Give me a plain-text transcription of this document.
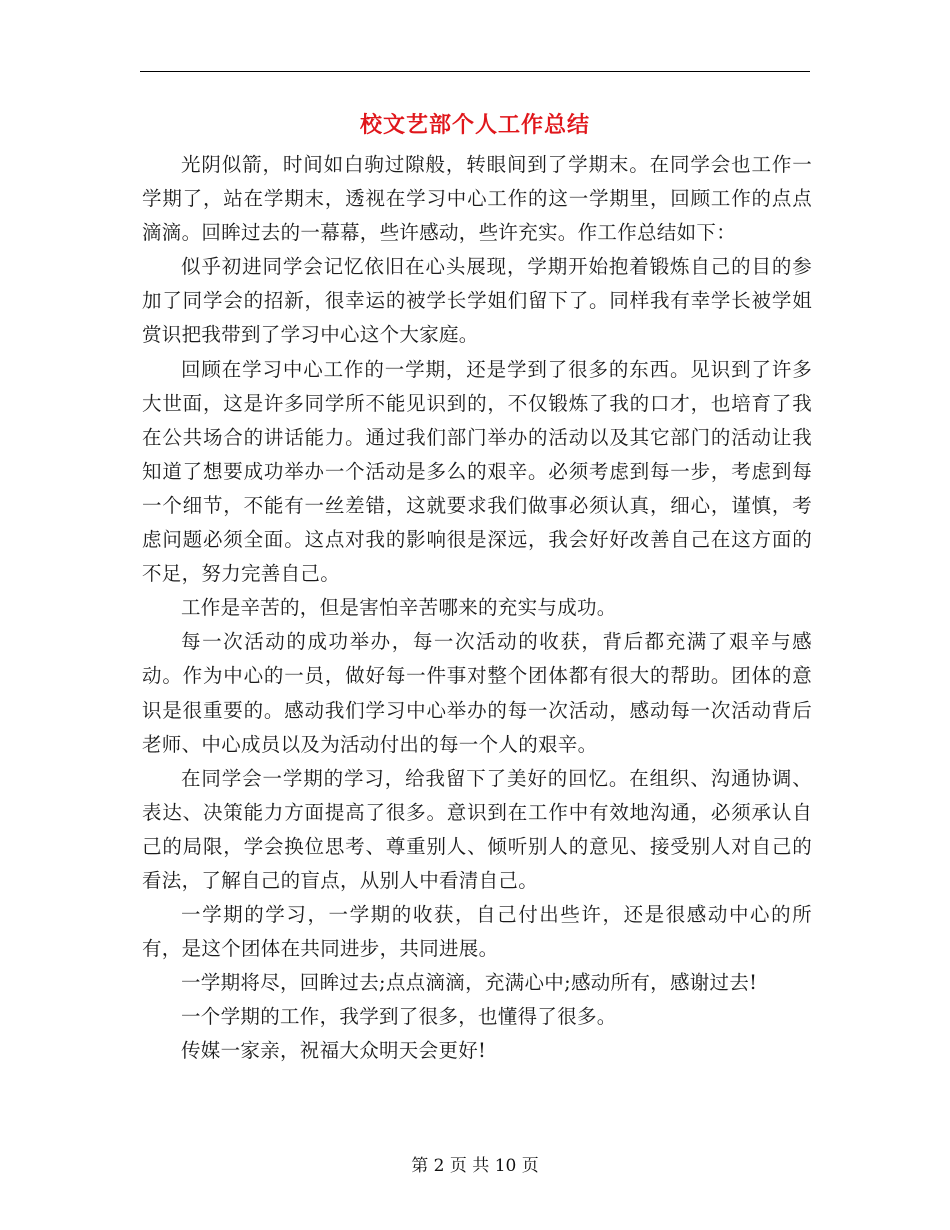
校文艺部个人工作总结

光阴似箭，时间如白驹过隙般，转眼间到了学期末。在同学会也工作一学期了，站在学期末，透视在学习中心工作的这一学期里，回顾工作的点点滴滴。回眸过去的一幕幕，些许感动，些许充实。作工作总结如下：

似乎初进同学会记忆依旧在心头展现，学期开始抱着锻炼自己的目的参加了同学会的招新，很幸运的被学长学姐们留下了。同样我有幸学长被学姐赏识把我带到了学习中心这个大家庭。

回顾在学习中心工作的一学期，还是学到了很多的东西。见识到了许多大世面，这是许多同学所不能见识到的，不仅锻炼了我的口才，也培育了我在公共场合的讲话能力。通过我们部门举办的活动以及其它部门的活动让我知道了想要成功举办一个活动是多么的艰辛。必须考虑到每一步，考虑到每一个细节，不能有一丝差错，这就要求我们做事必须认真，细心，谨慎，考虑问题必须全面。这点对我的影响很是深远，我会好好改善自己在这方面的不足，努力完善自己。

工作是辛苦的，但是害怕辛苦哪来的充实与成功。

每一次活动的成功举办，每一次活动的收获，背后都充满了艰辛与感动。作为中心的一员，做好每一件事对整个团体都有很大的帮助。团体的意识是很重要的。感动我们学习中心举办的每一次活动，感动每一次活动背后老师、中心成员以及为活动付出的每一个人的艰辛。

在同学会一学期的学习，给我留下了美好的回忆。在组织、沟通协调、表达、决策能力方面提高了很多。意识到在工作中有效地沟通，必须承认自己的局限，学会换位思考、尊重别人、倾听别人的意见、接受别人对自己的看法，了解自己的盲点，从别人中看清自己。

一学期的学习，一学期的收获，自己付出些许，还是很感动中心的所有，是这个团体在共同进步，共同进展。

一学期将尽，回眸过去;点点滴滴，充满心中;感动所有，感谢过去!

一个学期的工作，我学到了很多，也懂得了很多。

传媒一家亲，祝福大众明天会更好!

第 2 页 共 10 页
